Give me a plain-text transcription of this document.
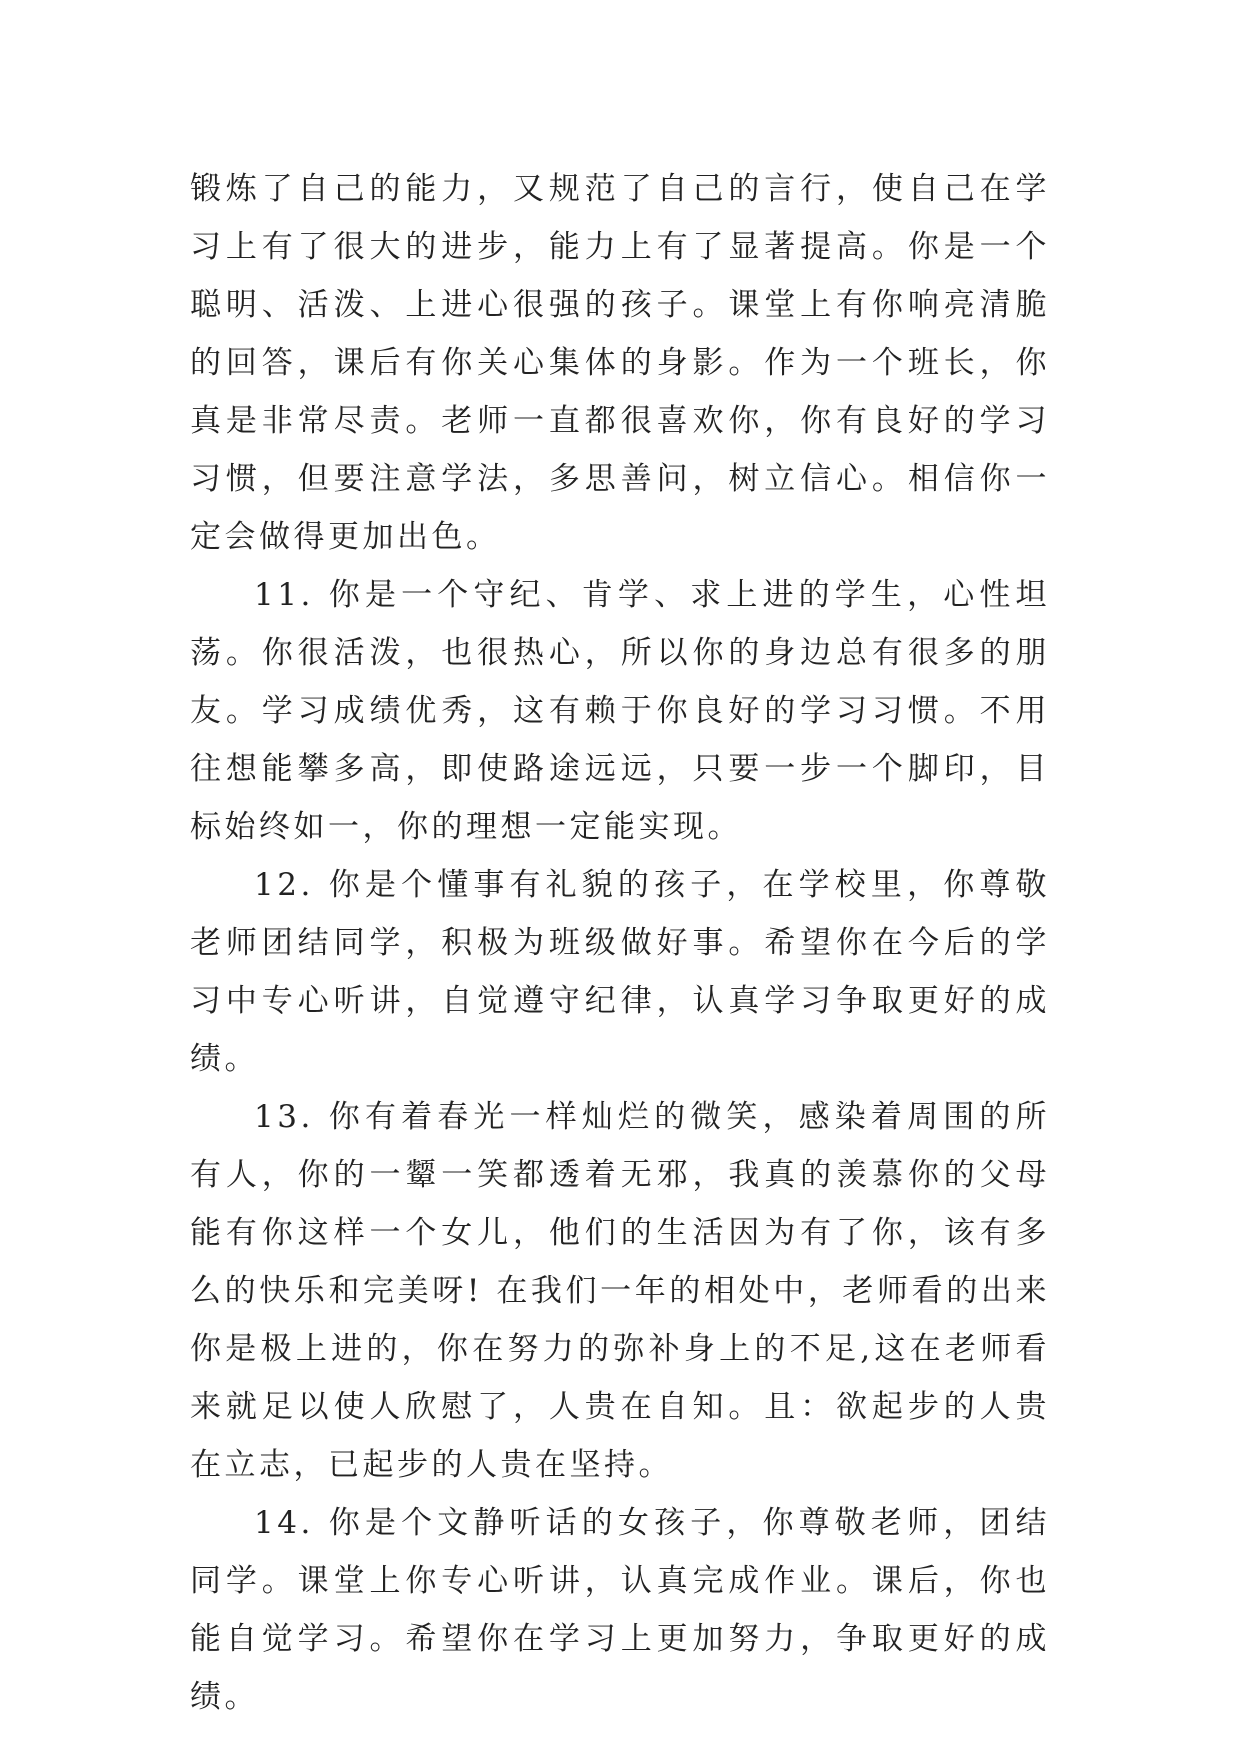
锻炼了自己的能力，又规范了自己的言行，使自己在学习上有了很大的进步，能力上有了显著提高。你是一个聪明、活泼、上进心很强的孩子。课堂上有你响亮清脆的回答，课后有你关心集体的身影。作为一个班长，你真是非常尽责。老师一直都很喜欢你，你有良好的学习习惯，但要注意学法，多思善问，树立信心。相信你一定会做得更加出色。

11. 你是一个守纪、肯学、求上进的学生，心性坦荡。你很活泼，也很热心，所以你的身边总有很多的朋友。学习成绩优秀，这有赖于你良好的学习习惯。不用往想能攀多高，即使路途远远，只要一步一个脚印，目标始终如一，你的理想一定能实现。

12. 你是个懂事有礼貌的孩子，在学校里，你尊敬老师团结同学，积极为班级做好事。希望你在今后的学习中专心听讲，自觉遵守纪律，认真学习争取更好的成绩。

13. 你有着春光一样灿烂的微笑，感染着周围的所有人，你的一颦一笑都透着无邪，我真的羡慕你的父母能有你这样一个女儿，他们的生活因为有了你，该有多么的快乐和完美呀! 在我们一年的相处中，老师看的出来你是极上进的，你在努力的弥补身上的不足,这在老师看来就足以使人欣慰了，人贵在自知。且：欲起步的人贵在立志，已起步的人贵在坚持。

14. 你是个文静听话的女孩子，你尊敬老师，团结同学。课堂上你专心听讲，认真完成作业。课后，你也能自觉学习。希望你在学习上更加努力，争取更好的成绩。
